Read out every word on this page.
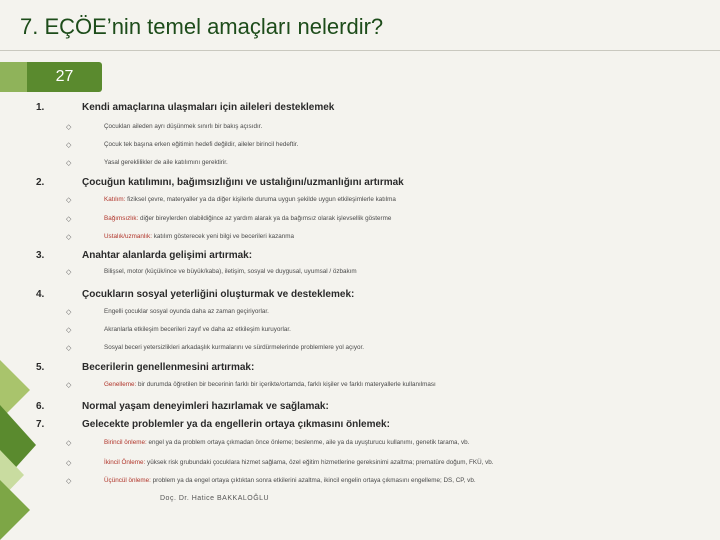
7. EÇÖE’nin temel amaçları nelerdir?
27
1.	Kendi amaçlarına ulaşmaları için aileleri desteklemek
◇	Çocukları aileden ayrı düşünmek sınırlı bir bakış açısıdır.
◇	Çocuk tek başına erken eğitimin hedefi değildir, aileler birincil hedeftir.
◇	Yasal gereklilikler de aile katılımını gerektirir.
2.	Çocuğun katılımını, bağımsızlığını ve ustalığını/uzmanlığını artırmak
◇	Katılım: fiziksel çevre, materyaller ya da diğer kişilerle duruma uygun şekilde uygun etkileşimlerle katılma
◇	Bağımsızlık: diğer bireylerden olabildiğince az yardım alarak ya da bağımsız olarak işlevsellik gösterme
◇	Ustalık/uzmanlık: katılım gösterecek yeni bilgi ve becerileri kazanma
3.	Anahtar alanlarda gelişimi artırmak:
◇	Bilişsel, motor (küçük/ince ve büyük/kaba), iletişim, sosyal ve duygusal, uyumsal / özbakım
4.	Çocukların sosyal yeterliğini oluşturmak ve desteklemek:
◇	Engelli çocuklar sosyal oyunda daha az zaman geçiriyorlar.
◇	Akranlarla etkileşim becerileri zayıf ve daha az etkileşim kuruyorlar.
◇	Sosyal beceri yetersizlikleri arkadaşlık kurmalarını ve sürdürmelerinde problemlere yol açıyor.
5.	Becerilerin genellenmesini artırmak:
◇	Genelleme: bir durumda öğretilen bir becerinin farklı bir içerikte/ortamda, farklı kişiler ve farklı materyallerle kullanılması
6.	Normal yaşam deneyimleri hazırlamak ve sağlamak:
7.	Gelecekte problemler ya da engellerin ortaya çıkmasını önlemek:
◇	Birincil önleme: engel ya da problem ortaya çıkmadan önce önleme; beslenme, aile ya da uyuşturucu kullanımı, genetik tarama, vb.
◇	İkincil Önleme: yüksek risk grubundaki çocuklara hizmet sağlama, özel eğitim hizmetlerine gereksinimi azaltma; prematüre doğum, FKÜ, vb.
◇	Üçüncül önleme: problem ya da engel ortaya çıktıktan sonra etkilerini azaltma, ikincil engelin ortaya çıkmasını engelleme; DS, CP, vb.
Doç. Dr. Hatice BAKKALOĞLU
